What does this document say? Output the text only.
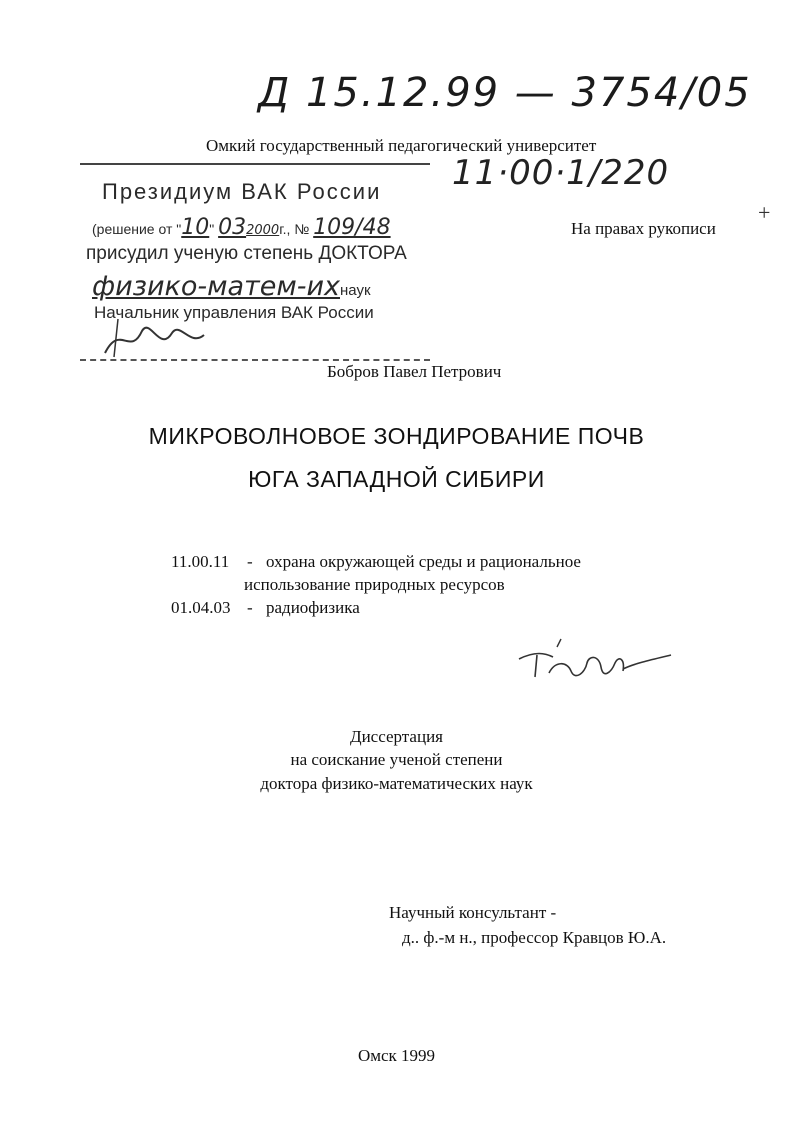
Д 15.12.99 — 3754/05
Омкий государственный педагогический университет
11·00·1/220
На правах рукописи
+
Президиум ВАК России
(решение от "10" 032000г., № 109/48
присудил ученую степень ДОКТОРА
физико-матем-ихнаук
Начальник управления ВАК России
Бобров Павел Петрович
МИКРОВОЛНОВОЕ ЗОНДИРОВАНИЕ ПОЧВ
ЮГА ЗАПАДНОЙ СИБИРИ
11.00.11 - охрана окружающей среды и рациональное
использование природных ресурсов
01.04.03 - радиофизика
Диссертация
на соискание ученой степени
доктора физико-математических наук
Научный консультант -
д.. ф.-м н., профессор Кравцов Ю.А.
Омск 1999
